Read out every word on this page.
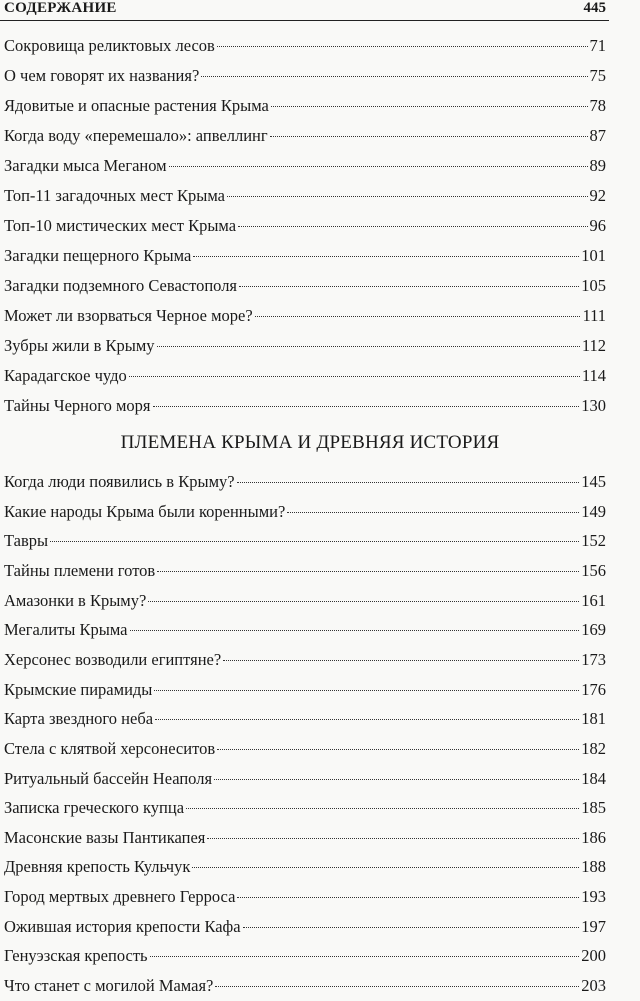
СОДЕРЖАНИЕ	445
ПЛЕМЕНА КРЫМА И ДРЕВНЯЯ ИСТОРИЯ
Сокровища реликтовых лесов	71
О чем говорят их названия?	75
Ядовитые и опасные растения Крыма	78
Когда воду «перемешало»: апвеллинг	87
Загадки мыса Меганом	89
Топ-11 загадочных мест Крыма	92
Топ-10 мистических мест Крыма	96
Загадки пещерного Крыма	101
Загадки подземного Севастополя	105
Может ли взорваться Черное море?	111
Зубры жили в Крыму	112
Карадагское чудо	114
Тайны Черного моря	130
Когда люди появились в Крыму?	145
Какие народы Крыма были коренными?	149
Тавры	152
Тайны племени готов	156
Амазонки в Крыму?	161
Мегалиты Крыма	169
Херсонес возводили египтяне?	173
Крымские пирамиды	176
Карта звездного неба	181
Стела с клятвой херсонеситов	182
Ритуальный бассейн Неаполя	184
Записка греческого купца	185
Масонские вазы Пантикапея	186
Древняя крепость Кульчук	188
Город мертвых древнего Герроса	193
Ожившая история крепости Кафа	197
Генуэзская крепость	200
Что станет с могилой Мамая?	203
